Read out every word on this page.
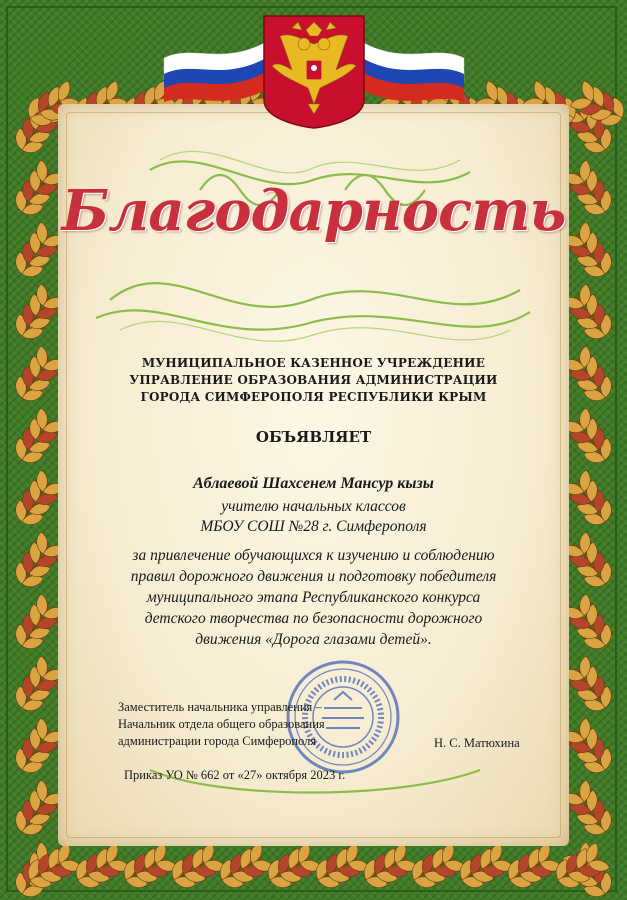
Благодарность
МУНИЦИПАЛЬНОЕ КАЗЕННОЕ УЧРЕЖДЕНИЕ
УПРАВЛЕНИЕ ОБРАЗОВАНИЯ АДМИНИСТРАЦИИ
ГОРОДА СИМФЕРОПОЛЯ РЕСПУБЛИКИ КРЫМ
ОБЪЯВЛЯЕТ
Аблаевой Шахсенем Мансур кызы
учителю начальных классов
МБОУ СОШ №28 г. Симферополя
за привлечение обучающихся к изучению и соблюдению
правил дорожного движения и подготовку победителя
муниципального этапа Республиканского конкурса
детского творчества по безопасности дорожного
движения «Дорога глазами детей».
Заместитель начальника управления –
Начальник отдела общего образования
администрации города Симферополя	Н. С. Матюхина
Приказ УО № 662 от «27» октября 2023 г.
